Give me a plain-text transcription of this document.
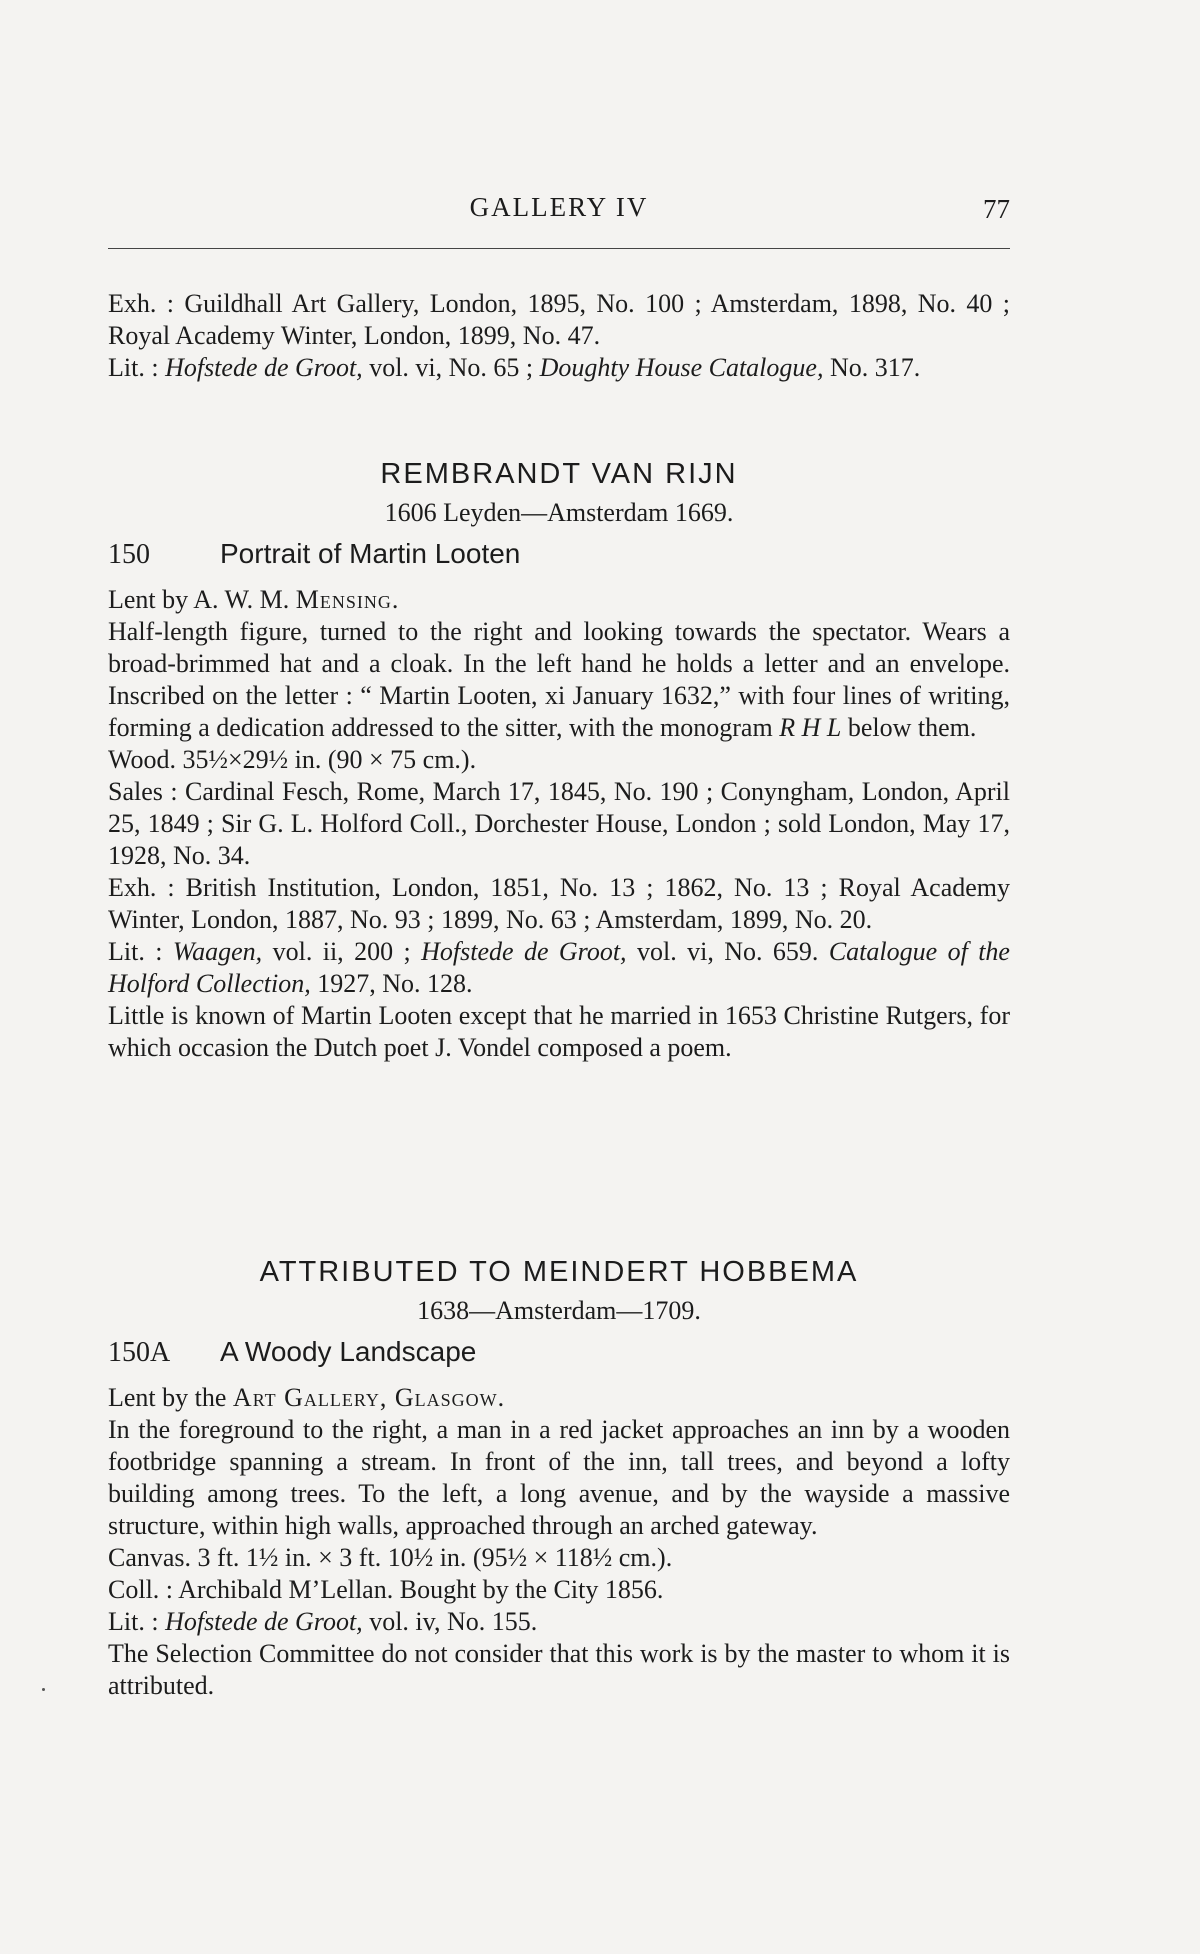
GALLERY IV	77

Exh. : Guildhall Art Gallery, London, 1895, No. 100 ; Amsterdam, 1898, No. 40 ; Royal Academy Winter, London, 1899, No. 47.

Lit. : Hofstede de Groot, vol. vi, No. 65 ; Doughty House Catalogue, No. 317.

REMBRANDT VAN RIJN
1606 Leyden—Amsterdam 1669.
150	Portrait of Martin Looten

Lent by A. W. M. Mensing.

Half-length figure, turned to the right and looking towards the spectator. Wears a broad-brimmed hat and a cloak. In the left hand he holds a letter and an envelope. Inscribed on the letter : “ Martin Looten, xi January 1632,” with four lines of writing, forming a dedication addressed to the sitter, with the monogram R H L below them.

Wood. 35½×29½ in. (90 × 75 cm.).

Sales : Cardinal Fesch, Rome, March 17, 1845, No. 190 ; Conyngham, London, April 25, 1849 ; Sir G. L. Holford Coll., Dorchester House, London ; sold London, May 17, 1928, No. 34.

Exh. : British Institution, London, 1851, No. 13 ; 1862, No. 13 ; Royal Academy Winter, London, 1887, No. 93 ; 1899, No. 63 ; Amsterdam, 1899, No. 20.

Lit. : Waagen, vol. ii, 200 ; Hofstede de Groot, vol. vi, No. 659. Catalogue of the Holford Collection, 1927, No. 128.

Little is known of Martin Looten except that he married in 1653 Christine Rutgers, for which occasion the Dutch poet J. Vondel composed a poem.

ATTRIBUTED TO MEINDERT HOBBEMA
1638—Amsterdam—1709.
150A A Woody Landscape

Lent by the Art Gallery, Glasgow.

In the foreground to the right, a man in a red jacket approaches an inn by a wooden footbridge spanning a stream. In front of the inn, tall trees, and beyond a lofty building among trees. To the left, a long avenue, and by the wayside a massive structure, within high walls, approached through an arched gateway.

Canvas. 3 ft. 1½ in. × 3 ft. 10½ in. (95½ × 118½ cm.).

Coll. : Archibald M’Lellan. Bought by the City 1856.

Lit. : Hofstede de Groot, vol. iv, No. 155.

The Selection Committee do not consider that this work is by the master to whom it is attributed.
